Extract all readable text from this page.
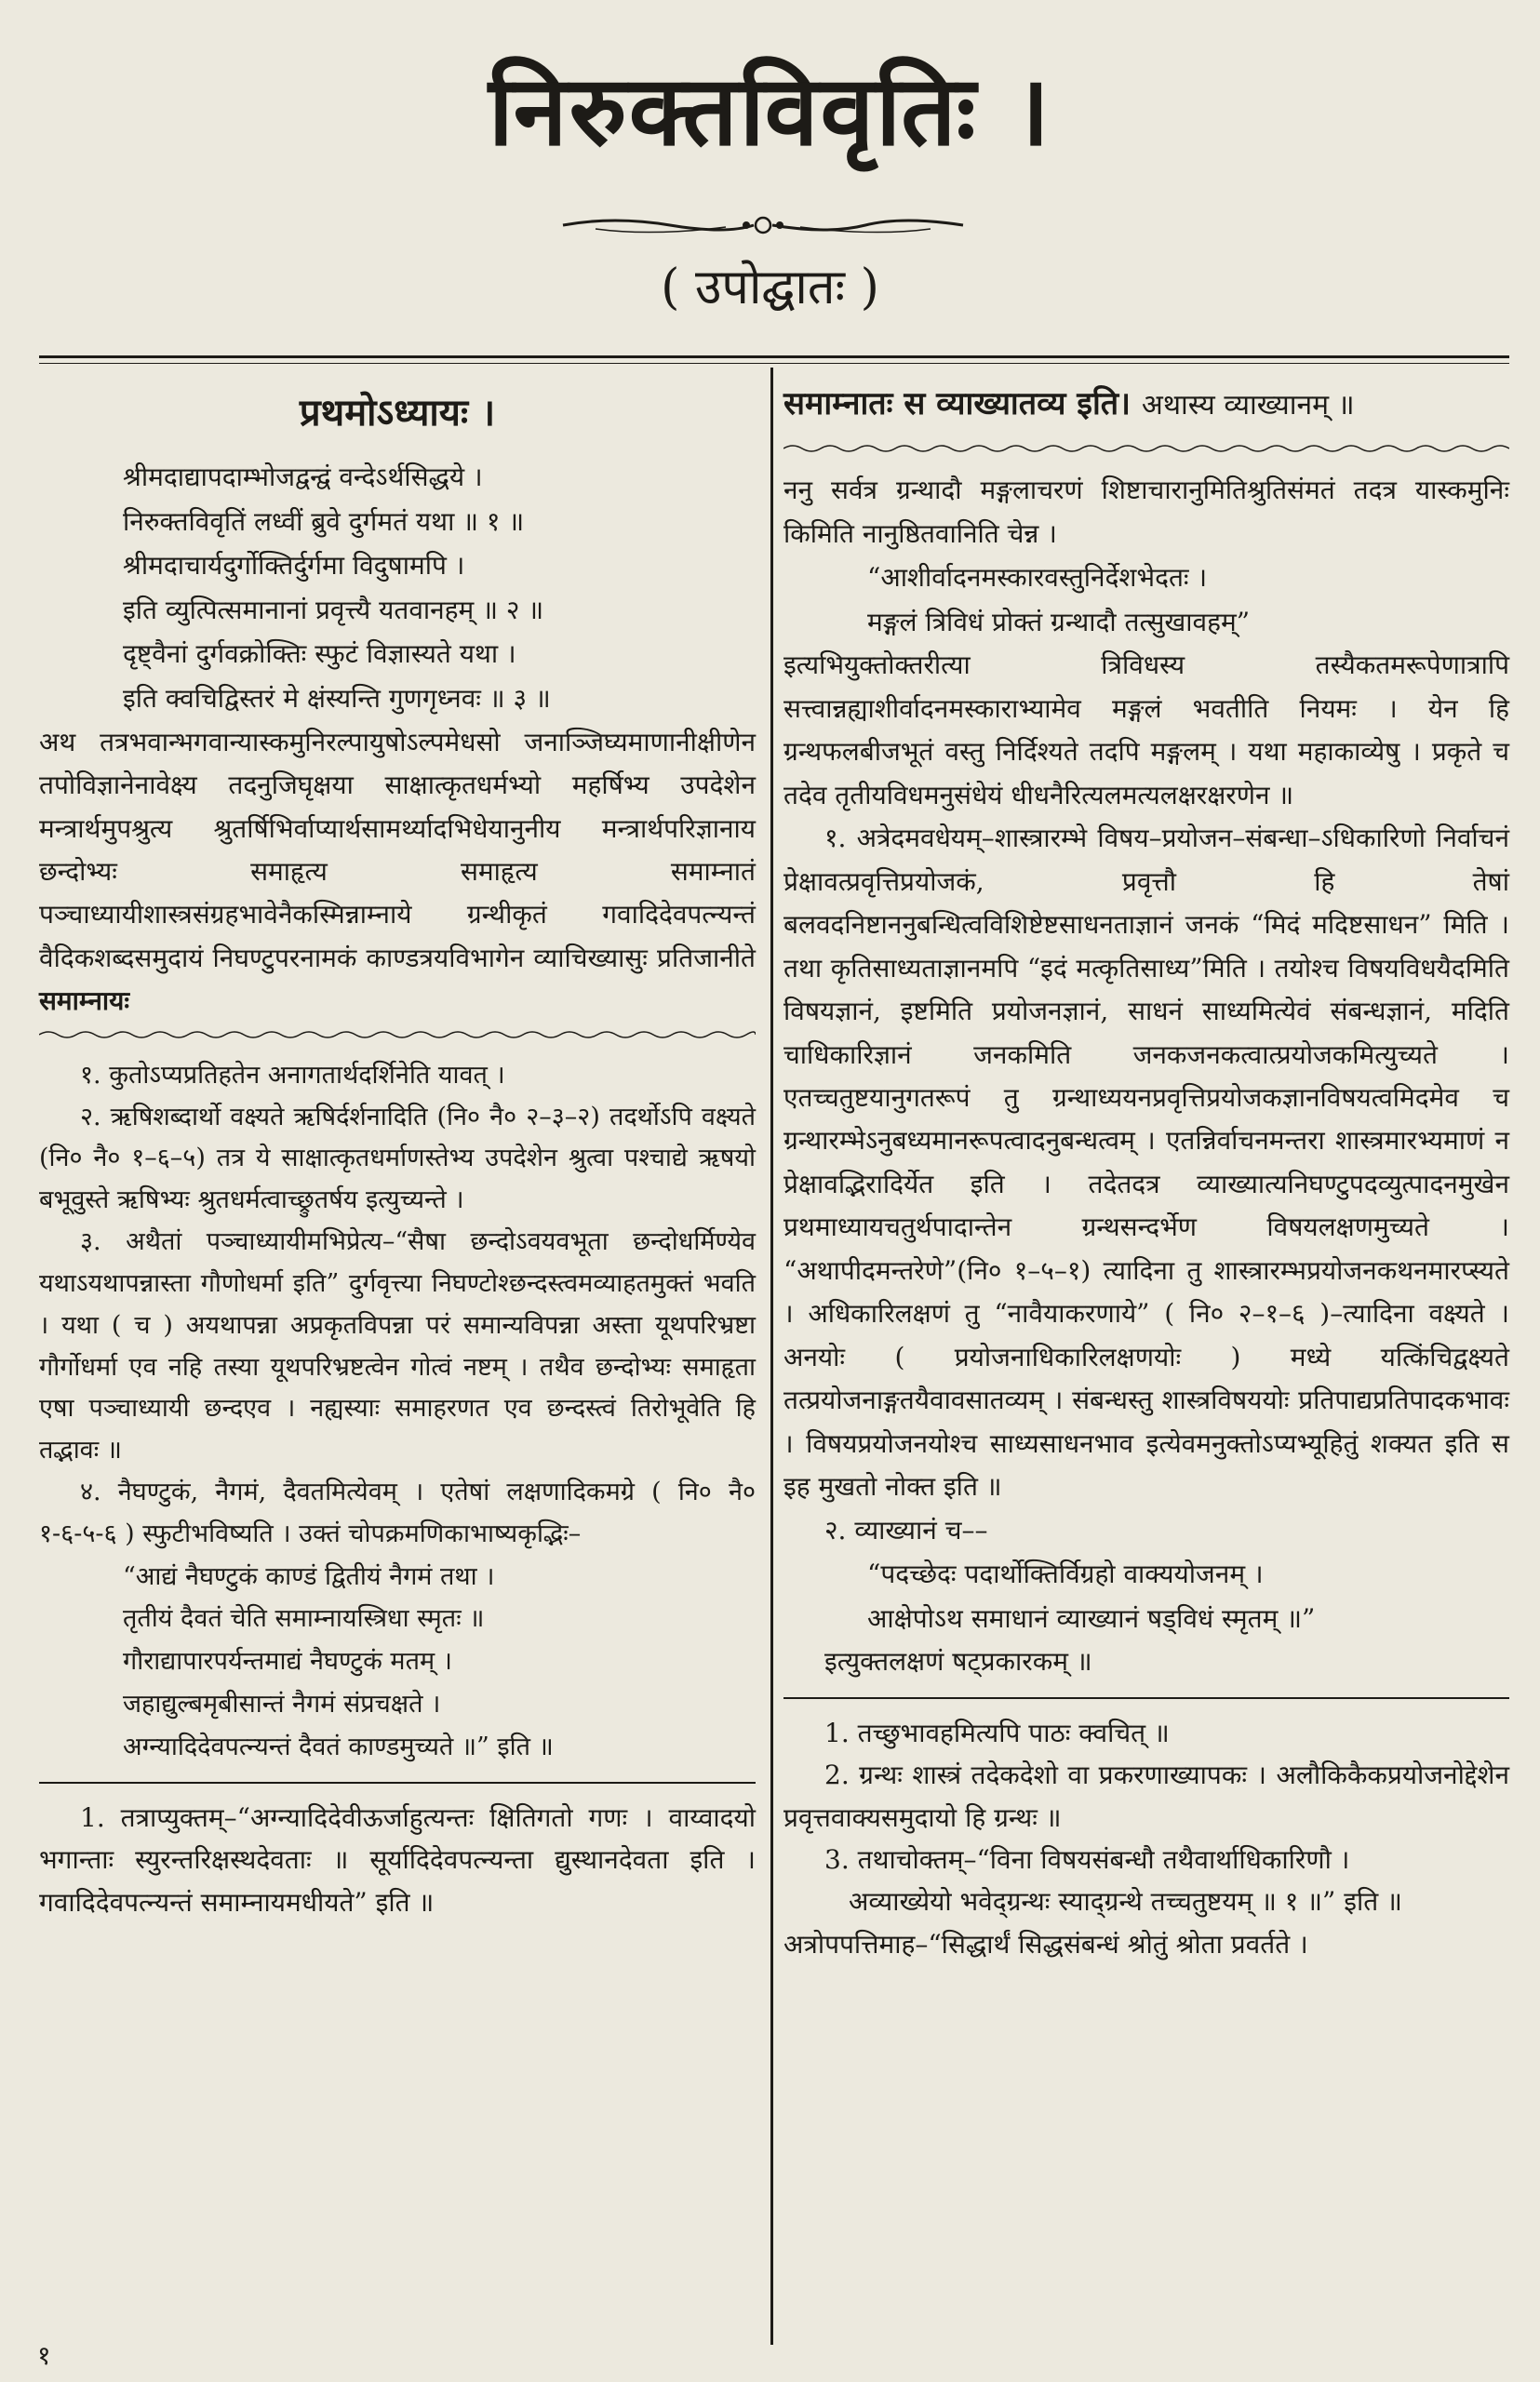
निरुक्तविवृतिः ।
( उपोद्घातः )
प्रथमोऽध्यायः ।

श्रीमदाद्यापदाम्भोजद्वन्द्वं वन्देऽर्थसिद्धये ।

निरुक्तविवृतिं लध्वीं ब्रुवे दुर्गमतं यथा ॥ १ ॥

श्रीमदाचार्यदुर्गोक्तिर्दुर्गमा विदुषामपि ।

इति व्युत्पित्समानानां प्रवृत्त्यै यतवानहम् ॥ २ ॥

दृष्ट्वैनां दुर्गवक्रोक्तिः स्फुटं विज्ञास्यते यथा ।

इति क्वचिद्विस्तरं मे क्षंस्यन्ति गुणगृध्नवः ॥ ३ ॥

अथ तत्रभवान्भगवान्यास्कमुनिरल्पायुषोऽल्पमेधसो जनाञ्जिघ्यमाणानीक्षीणेन तपोविज्ञानेनावेक्ष्य तदनुजिघृक्षया साक्षात्कृतधर्मभ्यो महर्षिभ्य उपदेशेन मन्त्रार्थमुपश्रुत्य श्रुतर्षिभिर्वाप्यार्थसामर्थ्यादभिधेयानुनीय मन्त्रार्थपरिज्ञानाय छन्दोभ्यः समाहृत्य समाहृत्य समाम्नातं पञ्चाध्यायीशास्त्रसंग्रहभावेनैकस्मिन्नाम्नाये ग्रन्थीकृतं गवादिदेवपत्न्यन्तं वैदिकशब्दसमुदायं निघण्टुपरनामकं काण्डत्रयविभागेन व्याचिख्यासुः प्रतिजानीते समाम्नायः

१. कुतोऽप्यप्रतिहतेन अनागतार्थदर्शिनेति यावत् ।

२. ऋषिशब्दार्थो वक्ष्यते ऋषिर्दर्शनादिति (नि० नै० २–३–२) तदर्थोऽपि वक्ष्यते (नि० नै० १–६–५) तत्र ये साक्षात्कृतधर्माणस्तेभ्य उपदेशेन श्रुत्वा पश्चाद्ये ऋषयो बभूवुस्ते ऋषिभ्यः श्रुतधर्मत्वाच्छ्रुतर्षय इत्युच्यन्ते ।

३. अथैतां पञ्चाध्यायीमभिप्रेत्य–“सैषा छन्दोऽवयवभूता छन्दोधर्मिण्येव यथाऽयथापन्नास्ता गौणोधर्मा इति” दुर्गवृत्त्या निघण्टोश्छन्दस्त्वमव्याहतमुक्तं भवति । यथा ( च ) अयथापन्ना अप्रकृतविपन्ना परं समान्यविपन्ना अस्ता यूथपरिभ्रष्टा गौर्गोधर्मा एव नहि तस्या यूथपरिभ्रष्टत्वेन गोत्वं नष्टम् । तथैव छन्दोभ्यः समाहृता एषा पञ्चाध्यायी छन्दएव । नह्यस्याः समाहरणत एव छन्दस्त्वं तिरोभूवेति हि तद्भावः ॥

४. नैघण्टुकं, नैगमं, दैवतमित्येवम् । एतेषां लक्षणादिकमग्रे ( नि० नै० १-६-५-६ ) स्फुटीभविष्यति । उक्तं चोपक्रमणिकाभाष्यकृद्भिः–

“आद्यं नैघण्टुकं काण्डं द्वितीयं नैगमं तथा ।

तृतीयं दैवतं चेति समाम्नायस्त्रिधा स्मृतः ॥

गौराद्यापारपर्यन्तमाद्यं नैघण्टुकं मतम् ।

जहाद्युल्बमृबीसान्तं नैगमं संप्रचक्षते ।

अग्न्यादिदेवपत्न्यन्तं दैवतं काण्डमुच्यते ॥” इति ॥

1. तत्राप्युक्तम्–“अग्न्यादिदेवीऊर्जाहुत्यन्तः क्षितिगतो गणः । वाय्वादयो भगान्ताः स्युरन्तरिक्षस्थदेवताः ॥ सूर्यादिदेवपत्न्यन्ता द्युस्थानदेवता इति । गवादिदेवपत्न्यन्तं समाम्नायमधीयते” इति ॥

समाम्नातः स व्याख्यातव्य इति। अथास्य व्याख्यानम् ॥

ननु सर्वत्र ग्रन्थादौ मङ्गलाचरणं शिष्टाचारानुमितिश्रुतिसंमतं तदत्र यास्कमुनिः किमिति नानुष्ठितवानिति चेन्न ।

“आशीर्वादनमस्कारवस्तुनिर्देशभेदतः ।

मङ्गलं त्रिविधं प्रोक्तं ग्रन्थादौ तत्सुखावहम्”

इत्यभियुक्तोक्तरीत्या त्रिविधस्य तस्यैकतमरूपेणात्रापि सत्त्वान्नह्याशीर्वादनमस्काराभ्यामेव मङ्गलं भवतीति नियमः । येन हि ग्रन्थफलबीजभूतं वस्तु निर्दिश्यते तदपि मङ्गलम् । यथा महाकाव्येषु । प्रकृते च तदेव तृतीयविधमनुसंधेयं धीधनैरित्यलमत्यलक्षरक्षरणेन ॥

१. अत्रेदमवधेयम्–शास्त्रारम्भे विषय–प्रयोजन–संबन्धा–ऽधिकारिणो निर्वाचनं प्रेक्षावत्प्रवृत्तिप्रयोजकं, प्रवृत्तौ हि तेषां बलवदनिष्टाननुबन्धित्वविशिष्टेष्टसाधनताज्ञानं जनकं “मिदं मदिष्टसाधन” मिति । तथा कृतिसाध्यताज्ञानमपि “इदं मत्कृतिसाध्य”मिति । तयोश्च विषयविधयैदमिति विषयज्ञानं, इष्टमिति प्रयोजनज्ञानं, साधनं साध्यमित्येवं संबन्धज्ञानं, मदिति चाधिकारिज्ञानं जनकमिति जनकजनकत्वात्प्रयोजकमित्युच्यते । एतच्चतुष्टयानुगतरूपं तु ग्रन्थाध्ययनप्रवृत्तिप्रयोजकज्ञानविषयत्वमिदमेव च ग्रन्थारम्भेऽनुबध्यमानरूपत्वादनुबन्धत्वम् । एतन्निर्वाचनमन्तरा शास्त्रमारभ्यमाणं न प्रेक्षावद्भिरादिर्येत इति । तदेतदत्र व्याख्यात्यनिघण्टुपदव्युत्पादनमुखेन प्रथमाध्यायचतुर्थपादान्तेन ग्रन्थसन्दर्भेण विषयलक्षणमुच्यते । “अथापीदमन्तरेणे”(नि० १–५–१) त्यादिना तु शास्त्रारम्भप्रयोजनकथनमारप्स्यते । अधिकारिलक्षणं तु “नावैयाकरणाये” ( नि० २–१–६ )–त्यादिना वक्ष्यते । अनयोः ( प्रयोजनाधिकारिलक्षणयोः ) मध्ये यत्किंचिद्वक्ष्यते तत्प्रयोजनाङ्गतयैवावसातव्यम् । संबन्धस्तु शास्त्रविषययोः प्रतिपाद्यप्रतिपादकभावः । विषयप्रयोजनयोश्च साध्यसाधनभाव इत्येवमनुक्तोऽप्यभ्यूहितुं शक्यत इति स इह मुखतो नोक्त इति ॥

२. व्याख्यानं च––

“पदच्छेदः पदार्थोक्तिर्विग्रहो वाक्ययोजनम् ।

आक्षेपोऽथ समाधानं व्याख्यानं षड्विधं स्मृतम् ॥”

इत्युक्तलक्षणं षट्प्रकारकम् ॥

1. तच्छुभावहमित्यपि पाठः क्वचित् ॥

2. ग्रन्थः शास्त्रं तदेकदेशो वा प्रकरणाख्यापकः । अलौकिकैकप्रयोजनोद्देशेन प्रवृत्तवाक्यसमुदायो हि ग्रन्थः ॥

3. तथाचोक्तम्–“विना विषयसंबन्धौ तथैवार्थाधिकारिणौ ।

अव्याख्येयो भवेद्ग्रन्थः स्याद्ग्रन्थे तच्चतुष्टयम् ॥ १ ॥” इति ॥

अत्रोपपत्तिमाह–“सिद्धार्थं सिद्धसंबन्धं श्रोतुं श्रोता प्रवर्तते ।

१
